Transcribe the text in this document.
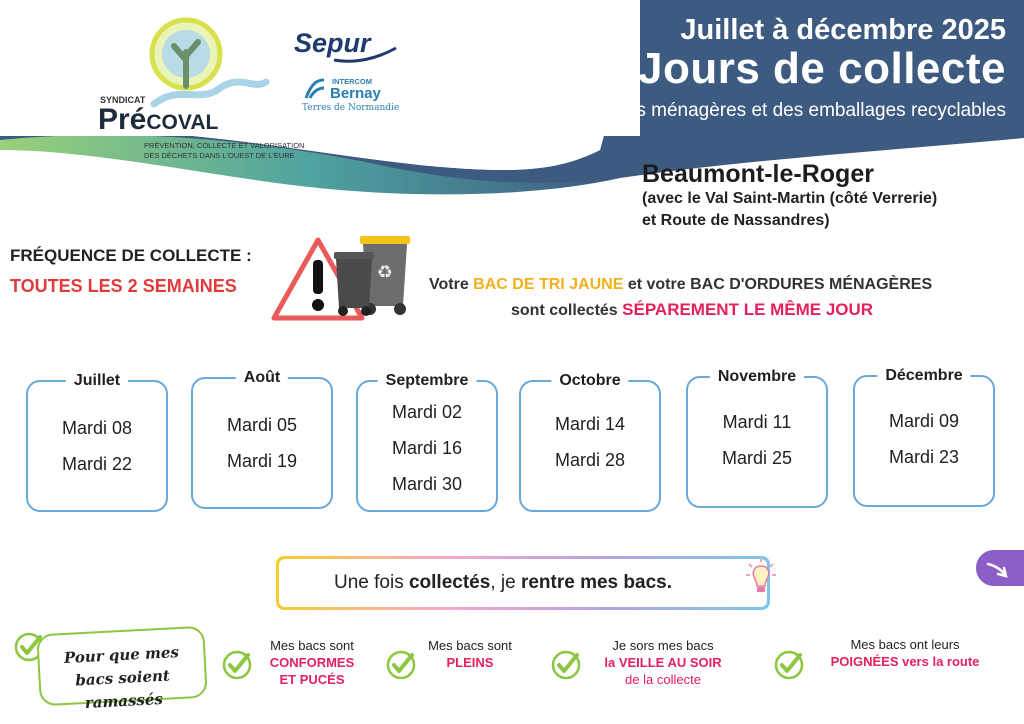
Juillet à décembre 2025
Jours de collecte
des ordures ménagères et des emballages recyclables
SYNDICAT
Précoval
PRÉVENTION, COLLECTE ET VALORISATION
DES DÉCHETS DANS L'OUEST DE L'EURE
Sepur
INTERCOM
Bernay
Terres de Normandie
Beaumont-le-Roger
(avec le Val Saint-Martin (côté Verrerie)
et Route de Nassandres)
FRÉQUENCE DE COLLECTE :
TOUTES LES 2 SEMAINES
♻
Votre BAC DE TRI JAUNE et votre BAC D'ORDURES MÉNAGÈRES
sont collectés SÉPAREMENT LE MÊME JOUR
Juillet
Mardi 08
Mardi 22
Août
Mardi 05
Mardi 19
Septembre
Mardi 02
Mardi 16
Mardi 30
Octobre
Mardi 14
Mardi 28
Novembre
Mardi 11
Mardi 25
Décembre
Mardi 09
Mardi 23
Une fois
collectés , je
rentre mes bacs.
Pour que mes
bacs soient ramassés
Mes bacs sont
CONFORMES
ET PUCÉS
Mes bacs sont
PLEINS
Je sors mes bacs
la VEILLE AU SOIR
de la collecte
Mes bacs ont leurs
POIGNÉES vers la route
